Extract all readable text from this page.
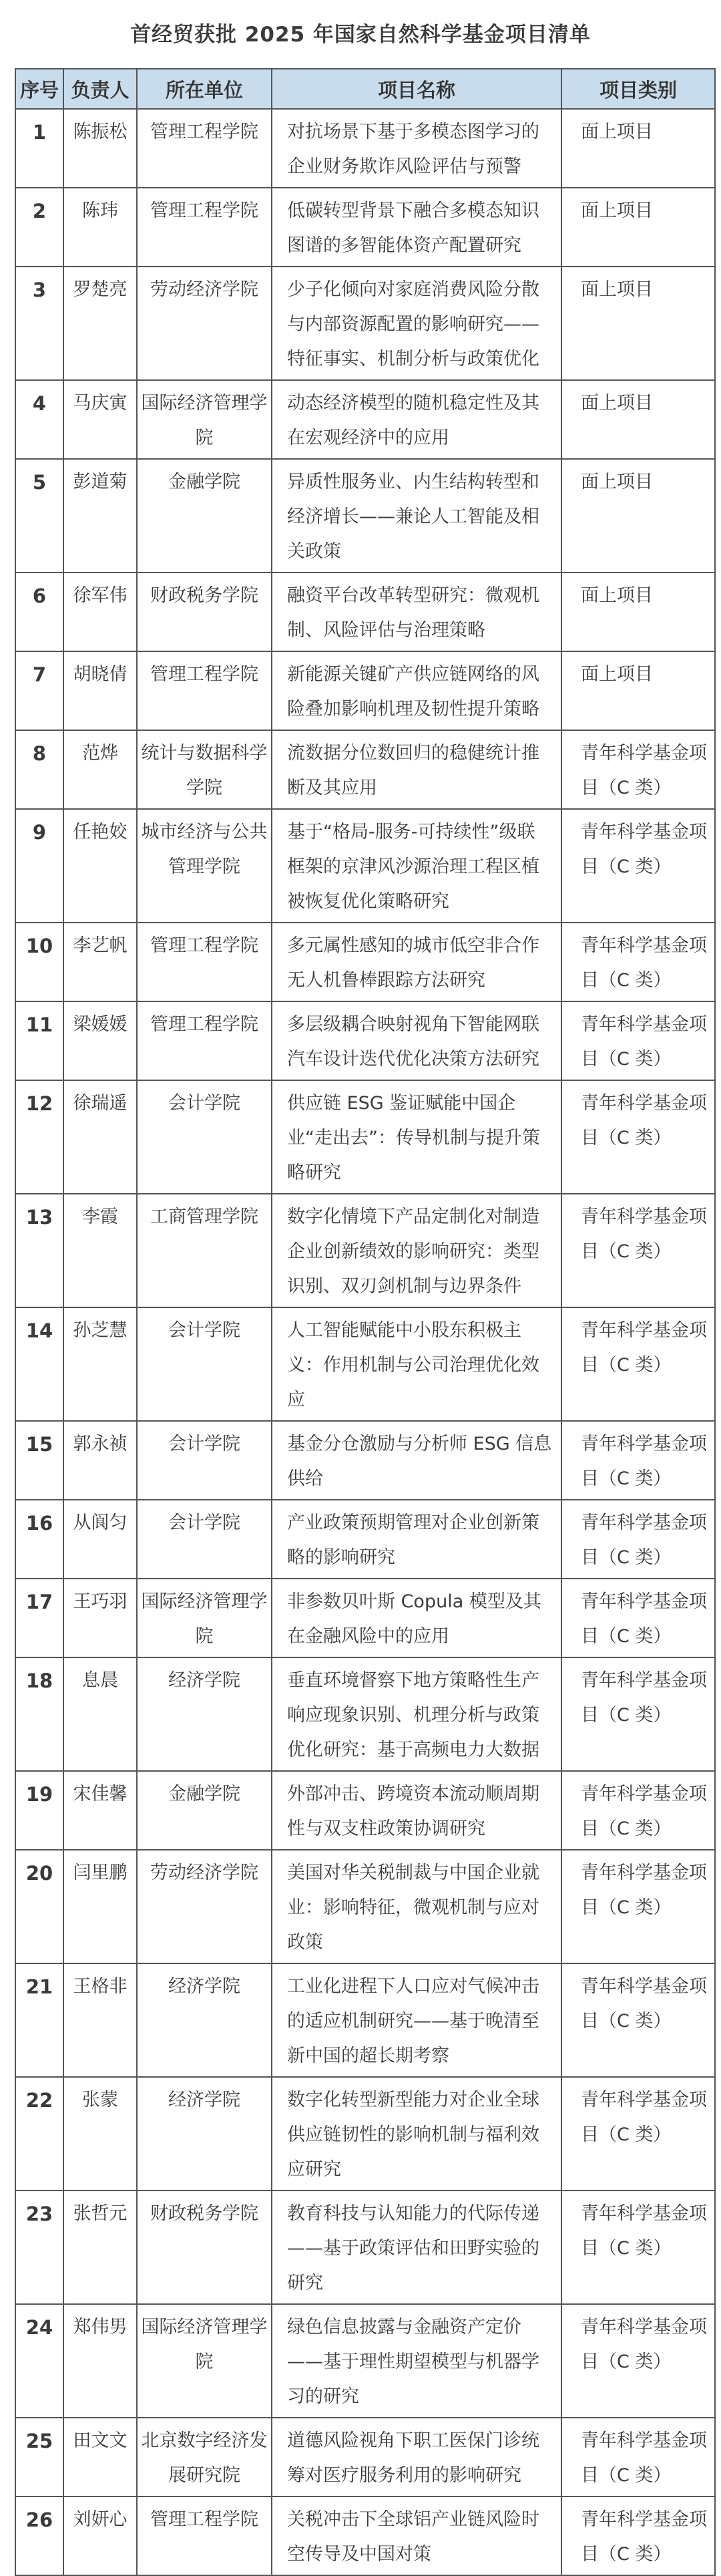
首经贸获批 2025 年国家自然科学基金项目清单
序号	负责人	所在单位	项目名称	项目类别
1	陈振松	管理工程学院	对抗场景下基于多模态图学习的企业财务欺诈风险评估与预警	面上项目
2	陈玮	管理工程学院	低碳转型背景下融合多模态知识图谱的多智能体资产配置研究	面上项目
3	罗楚亮	劳动经济学院	少子化倾向对家庭消费风险分散与内部资源配置的影响研究——特征事实、机制分析与政策优化	面上项目
4	马庆寅	国际经济管理学院	动态经济模型的随机稳定性及其在宏观经济中的应用	面上项目
5	彭道菊	金融学院	异质性服务业、内生结构转型和经济增长——兼论人工智能及相关政策	面上项目
6	徐军伟	财政税务学院	融资平台改革转型研究：微观机制、风险评估与治理策略	面上项目
7	胡晓倩	管理工程学院	新能源关键矿产供应链网络的风险叠加影响机理及韧性提升策略	面上项目
8	范烨	统计与数据科学学院	流数据分位数回归的稳健统计推断及其应用	青年科学基金项目（C 类）
9	任艳姣	城市经济与公共管理学院	基于“格局-服务-可持续性”级联框架的京津风沙源治理工程区植被恢复优化策略研究	青年科学基金项目（C 类）
10	李艺帆	管理工程学院	多元属性感知的城市低空非合作无人机鲁棒跟踪方法研究	青年科学基金项目（C 类）
11	梁媛媛	管理工程学院	多层级耦合映射视角下智能网联汽车设计迭代优化决策方法研究	青年科学基金项目（C 类）
12	徐瑞遥	会计学院	供应链 ESG 鉴证赋能中国企业“走出去”：传导机制与提升策略研究	青年科学基金项目（C 类）
13	李霞	工商管理学院	数字化情境下产品定制化对制造企业创新绩效的影响研究：类型识别、双刃剑机制与边界条件	青年科学基金项目（C 类）
14	孙芝慧	会计学院	人工智能赋能中小股东积极主义：作用机制与公司治理优化效应	青年科学基金项目（C 类）
15	郭永祯	会计学院	基金分仓激励与分析师 ESG 信息供给	青年科学基金项目（C 类）
16	从阆匀	会计学院	产业政策预期管理对企业创新策略的影响研究	青年科学基金项目（C 类）
17	王巧羽	国际经济管理学院	非参数贝叶斯 Copula 模型及其在金融风险中的应用	青年科学基金项目（C 类）
18	息晨	经济学院	垂直环境督察下地方策略性生产响应现象识别、机理分析与政策优化研究：基于高频电力大数据	青年科学基金项目（C 类）
19	宋佳馨	金融学院	外部冲击、跨境资本流动顺周期性与双支柱政策协调研究	青年科学基金项目（C 类）
20	闫里鹏	劳动经济学院	美国对华关税制裁与中国企业就业：影响特征，微观机制与应对政策	青年科学基金项目（C 类）
21	王格非	经济学院	工业化进程下人口应对气候冲击的适应机制研究——基于晚清至新中国的超长期考察	青年科学基金项目（C 类）
22	张蒙	经济学院	数字化转型新型能力对企业全球供应链韧性的影响机制与福利效应研究	青年科学基金项目（C 类）
23	张哲元	财政税务学院	教育科技与认知能力的代际传递——基于政策评估和田野实验的研究	青年科学基金项目（C 类）
24	郑伟男	国际经济管理学院	绿色信息披露与金融资产定价——基于理性期望模型与机器学习的研究	青年科学基金项目（C 类）
25	田文文	北京数字经济发展研究院	道德风险视角下职工医保门诊统筹对医疗服务利用的影响研究	青年科学基金项目（C 类）
26	刘妍心	管理工程学院	关税冲击下全球铝产业链风险时空传导及中国对策	青年科学基金项目（C 类）
